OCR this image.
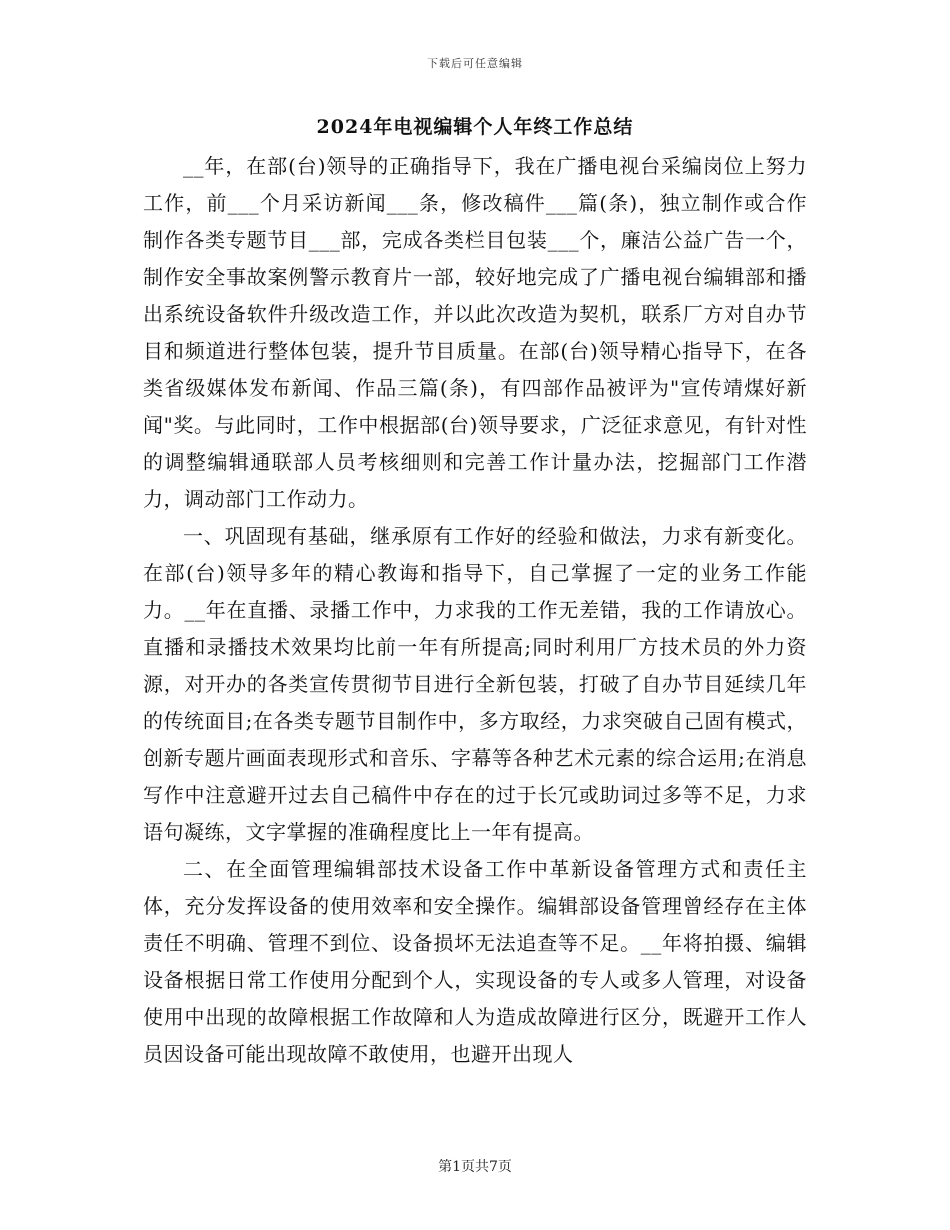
下载后可任意编辑
2024年电视编辑个人年终工作总结

__年，在部(台)领导的正确指导下，我在广播电视台采编岗位上努力工作，前___个月采访新闻___条，修改稿件___篇(条)，独立制作或合作制作各类专题节目___部，完成各类栏目包装___个，廉洁公益广告一个，制作安全事故案例警示教育片一部，较好地完成了广播电视台编辑部和播出系统设备软件升级改造工作，并以此次改造为契机，联系厂方对自办节目和频道进行整体包装，提升节目质量。在部(台)领导精心指导下，在各类省级媒体发布新闻、作品三篇(条)，有四部作品被评为"宣传靖煤好新闻"奖。与此同时，工作中根据部(台)领导要求，广泛征求意见，有针对性的调整编辑通联部人员考核细则和完善工作计量办法，挖掘部门工作潜力，调动部门工作动力。

一、巩固现有基础，继承原有工作好的经验和做法，力求有新变化。在部(台)领导多年的精心教诲和指导下，自己掌握了一定的业务工作能力。__年在直播、录播工作中，力求我的工作无差错，我的工作请放心。直播和录播技术效果均比前一年有所提高;同时利用厂方技术员的外力资源，对开办的各类宣传贯彻节目进行全新包装，打破了自办节目延续几年的传统面目;在各类专题节目制作中，多方取经，力求突破自己固有模式，创新专题片画面表现形式和音乐、字幕等各种艺术元素的综合运用;在消息写作中注意避开过去自己稿件中存在的过于长冗或助词过多等不足，力求语句凝练，文字掌握的准确程度比上一年有提高。

二、在全面管理编辑部技术设备工作中革新设备管理方式和责任主体，充分发挥设备的使用效率和安全操作。编辑部设备管理曾经存在主体责任不明确、管理不到位、设备损坏无法追查等不足。__年将拍摄、编辑设备根据日常工作使用分配到个人，实现设备的专人或多人管理，对设备使用中出现的故障根据工作故障和人为造成故障进行区分，既避开工作人员因设备可能出现故障不敢使用，也避开出现人

第1页共7页
